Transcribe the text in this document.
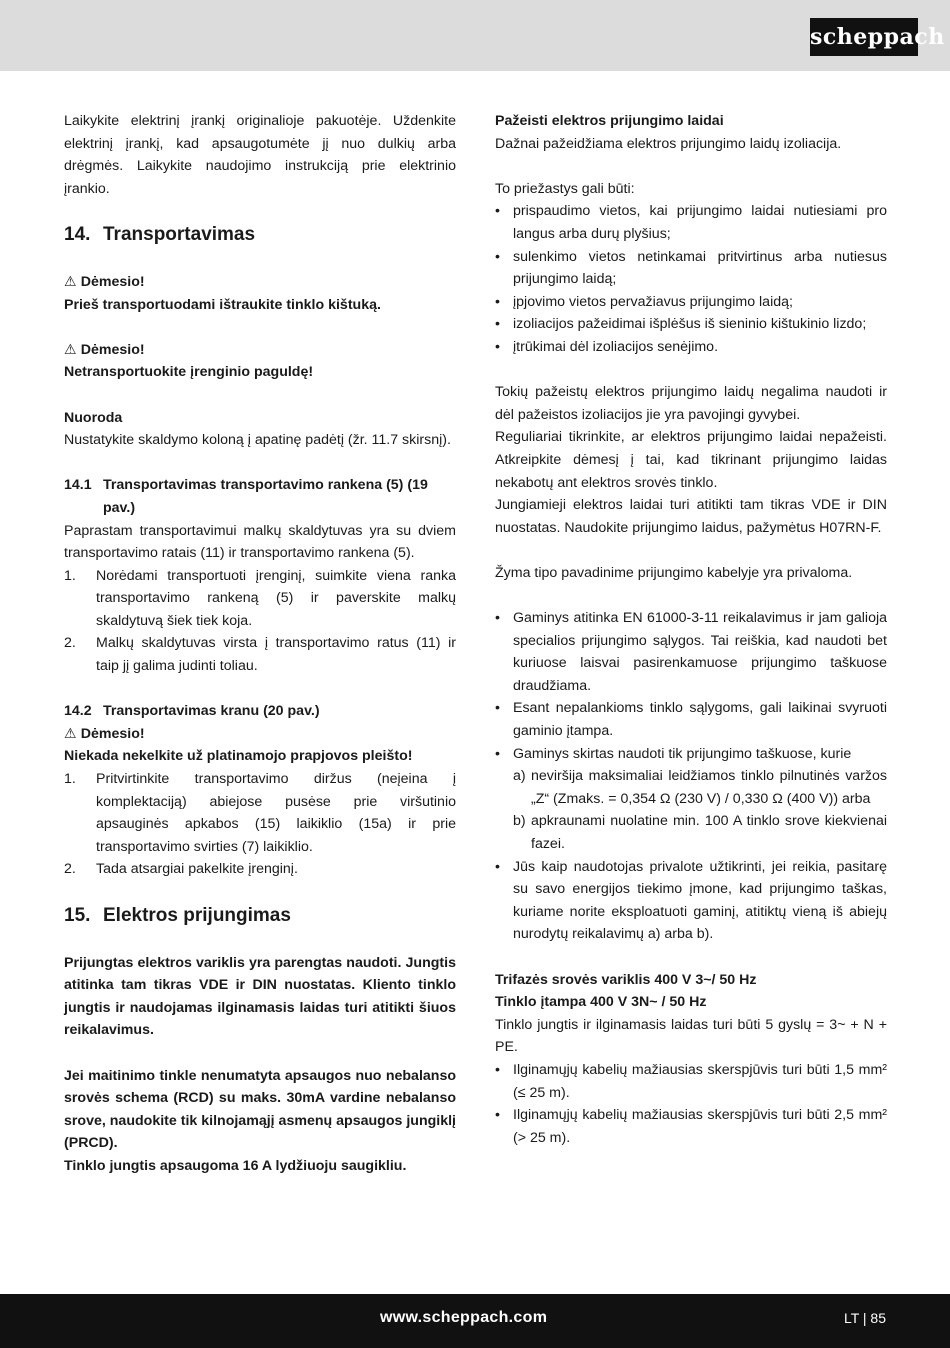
scheppach

Laikykite elektrinį įrankį originalioje pakuotėje. Uždenkite elektrinį įrankį, kad apsaugotumėte jį nuo dulkių arba drėgmės. Laikykite naudojimo instrukciją prie elektrinio įrankio.

14. Transportavimas

⚠ Dėmesio!

Prieš transportuodami ištraukite tinklo kištuką.

⚠ Dėmesio!

Netransportuokite įrenginio paguldę!

Nuoroda

Nustatykite skaldymo koloną į apatinę padėtį (žr. 11.7 skirsnį).

14.1 Transportavimas transportavimo rankena (5) (19 pav.)

Paprastam transportavimui malkų skaldytuvas yra su dviem transportavimo ratais (11) ir transportavimo rankena (5).

1.	Norėdami transportuoti įrenginį, suimkite viena ranka transportavimo rankeną (5) ir paverskite malkų skaldytuvą šiek tiek koja.
2.	Malkų skaldytuvas virsta į transportavimo ratus (11) ir taip jį galima judinti toliau.
14.2 Transportavimas kranu (20 pav.)

⚠ Dėmesio!

Niekada nekelkite už platinamojo prapjovos pleišto!

1.	Pritvirtinkite transportavimo diržus (neįeina į komplektaciją) abiejose pusėse prie viršutinio apsauginės apkabos (15) laikiklio (15a) ir prie transportavimo svirties (7) laikiklio.
2.	Tada atsargiai pakelkite įrenginį.
15. Elektros prijungimas

Prijungtas elektros variklis yra parengtas naudoti. Jungtis atitinka tam tikras VDE ir DIN nuostatas. Kliento tinklo jungtis ir naudojamas ilginamasis laidas turi atitikti šiuos reikalavimus.

Jei maitinimo tinkle nenumatyta apsaugos nuo nebalanso srovės schema (RCD) su maks. 30mA vardine nebalanso srove, naudokite tik kilnojamąjį asmenų apsaugos jungiklį (PRCD).

Tinklo jungtis apsaugoma 16 A lydžiuoju saugikliu.

Pažeisti elektros prijungimo laidai

Dažnai pažeidžiama elektros prijungimo laidų izoliacija.

To priežastys gali būti:

• prispaudimo vietos, kai prijungimo laidai nutiesiami pro langus arba durų plyšius;
• sulenkimo vietos netinkamai pritvirtinus arba nutiesus prijungimo laidą;
• įpjovimo vietos pervažiavus prijungimo laidą;
• izoliacijos pažeidimai išplėšus iš sieninio kištukinio lizdo;
• įtrūkimai dėl izoliacijos senėjimo.

Tokių pažeistų elektros prijungimo laidų negalima naudoti ir dėl pažeistos izoliacijos jie yra pavojingi gyvybei.

Reguliariai tikrinkite, ar elektros prijungimo laidai nepažeisti. Atkreipkite dėmesį į tai, kad tikrinant prijungimo laidas nekabotų ant elektros srovės tinklo.

Jungiamieji elektros laidai turi atitikti tam tikras VDE ir DIN nuostatas. Naudokite prijungimo laidus, pažymėtus H07RN-F.

Žyma tipo pavadinime prijungimo kabelyje yra privaloma.

• Gaminys atitinka EN 61000-3-11 reikalavimus ir jam galioja specialios prijungimo sąlygos. Tai reiškia, kad naudoti bet kuriuose laisvai pasirenkamuose prijungimo taškuose draudžiama.
• Esant nepalankioms tinklo sąlygoms, gali laikinai svyruoti gaminio įtampa.
• Gaminys skirtas naudoti tik prijungimo taškuose, kurie
a) neviršija maksimaliai leidžiamos tinklo pilnutinės varžos „Z“ (Zmaks. = 0,354 Ω (230 V) / 0,330 Ω (400 V)) arba
b) apkraunami nuolatine min. 100 A tinklo srove kiekvienai fazei.
• Jūs kaip naudotojas privalote užtikrinti, jei reikia, pasitarę su savo energijos tiekimo įmone, kad prijungimo taškas, kuriame norite eksploatuoti gaminį, atitiktų vieną iš abiejų nurodytų reikalavimų a) arba b).

Trifazės srovės variklis 400 V 3~/ 50 Hz

Tinklo įtampa 400 V 3N~ / 50 Hz

Tinklo jungtis ir ilginamasis laidas turi būti 5 gyslų = 3~ + N + PE.

• Ilginamųjų kabelių mažiausias skerspjūvis turi būti 1,5 mm² (≤ 25 m).
• Ilginamųjų kabelių mažiausias skerspjūvis turi būti 2,5 mm² (> 25 m).
www.scheppach.com	LT | 85
